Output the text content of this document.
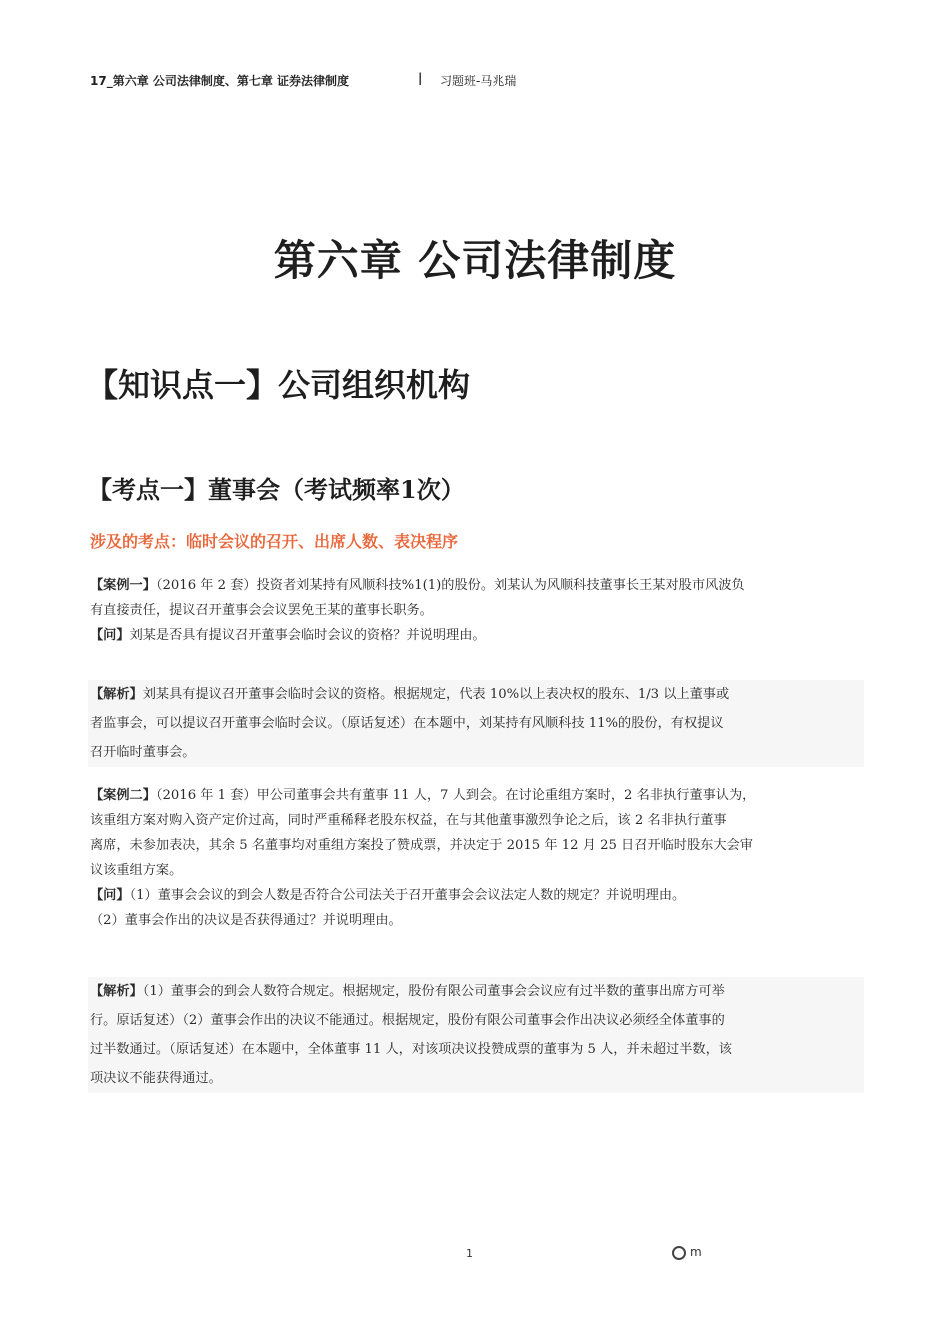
17_第六章 公司法律制度、第七章 证券法律制度	| 习题班-马兆瑞
第六章 公司法律制度
【知识点一】公司组织机构
【考点一】董事会（考试频率1次）
涉及的考点：临时会议的召开、出席人数、表决程序

【案例一】（2016 年 2 套）投资者刘某持有风顺科技%1(1)的股份。刘某认为风顺科技董事长王某对股市风波负

有直接责任，提议召开董事会会议罢免王某的董事长职务。

【问】刘某是否具有提议召开董事会临时会议的资格？并说明理由。

【解析】刘某具有提议召开董事会临时会议的资格。根据规定，代表 10%以上表决权的股东、1/3 以上董事或

者监事会，可以提议召开董事会临时会议。（原话复述）在本题中，刘某持有风顺科技 11%的股份，有权提议

召开临时董事会。

【案例二】（2016 年 1 套）甲公司董事会共有董事 11 人，7 人到会。在讨论重组方案时，2 名非执行董事认为，

该重组方案对购入资产定价过高，同时严重稀释老股东权益，在与其他董事激烈争论之后，该 2 名非执行董事

离席，未参加表决，其余 5 名董事均对重组方案投了赞成票，并决定于 2015 年 12 月 25 日召开临时股东大会审

议该重组方案。

【问】（1）董事会会议的到会人数是否符合公司法关于召开董事会会议法定人数的规定？并说明理由。

（2）董事会作出的决议是否获得通过？并说明理由。

【解析】（1）董事会的到会人数符合规定。根据规定，股份有限公司董事会会议应有过半数的董事出席方可举

行。原话复述）（2）董事会作出的决议不能通过。根据规定，股份有限公司董事会作出决议必须经全体董事的

过半数通过。（原话复述）在本题中，全体董事 11 人，对该项决议投赞成票的董事为 5 人，并未超过半数，该

项决议不能获得通过。

1	m
